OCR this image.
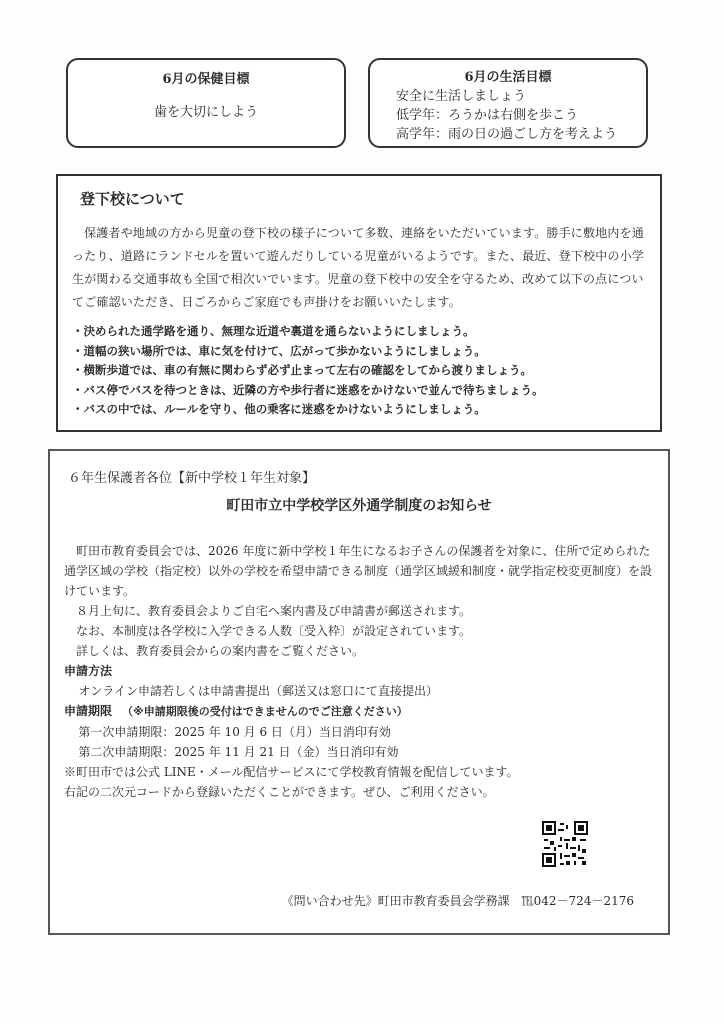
6月の保健目標
歯を大切にしよう
6月の生活目標
安全に生活しましょう
低学年：ろうかは右側を歩こう
高学年：雨の日の過ごし方を考えよう
登下校について
保護者や地域の方から児童の登下校の様子について多数、連絡をいただいています。勝手に敷地内を通ったり、道路にランドセルを置いて遊んだりしている児童がいるようです。また、最近、登下校中の小学生が関わる交通事故も全国で相次いでいます。児童の登下校中の安全を守るため、改めて以下の点についてご確認いただき、日ごろからご家庭でも声掛けをお願いいたします。
・ 決められた通学路を通り、無理な近道や裏道を通らないようにしましょう。
・ 道幅の狭い場所では、車に気を付けて、広がって歩かないようにしましょう。
・ 横断歩道では、車の有無に関わらず必ず止まって左右の確認をしてから渡りましょう。
・ バス停でバスを待つときは、近隣の方や歩行者に迷惑をかけないで並んで待ちましょう。
・ バスの中では、ルールを守り、他の乗客に迷惑をかけないようにしましょう。
６年生保護者各位【新中学校１年生対象】
町田市立中学校学区外通学制度のお知らせ

町田市教育委員会では、2026 年度に新中学校１年生になるお子さんの保護者を対象に、住所で定められた通学区域の学校（指定校）以外の学校を希望申請できる制度（通学区域緩和制度・就学指定校変更制度）を設けています。

８月上旬に、教育委員会よりご自宅へ案内書及び申請書が郵送されます。

なお、本制度は各学校に入学できる人数〔受入枠〕が設定されています。

詳しくは、教育委員会からの案内書をご覧ください。

申請方法
オンライン申請若しくは申請書提出（郵送又は窓口にて直接提出）
申請期限 （※申請期限後の受付はできませんのでご注意ください）
第一次申請期限：2025 年 10 月 6 日（月）当日消印有効
第二次申請期限：2025 年 11 月 21 日（金）当日消印有効
※町田市では公式 LINE・メール配信サービスにて学校教育情報を配信しています。
右記の二次元コードから登録いただくことができます。ぜひ、ご利用ください。
《問い合わせ先》町田市教育委員会学務課　℡042－724－2176
